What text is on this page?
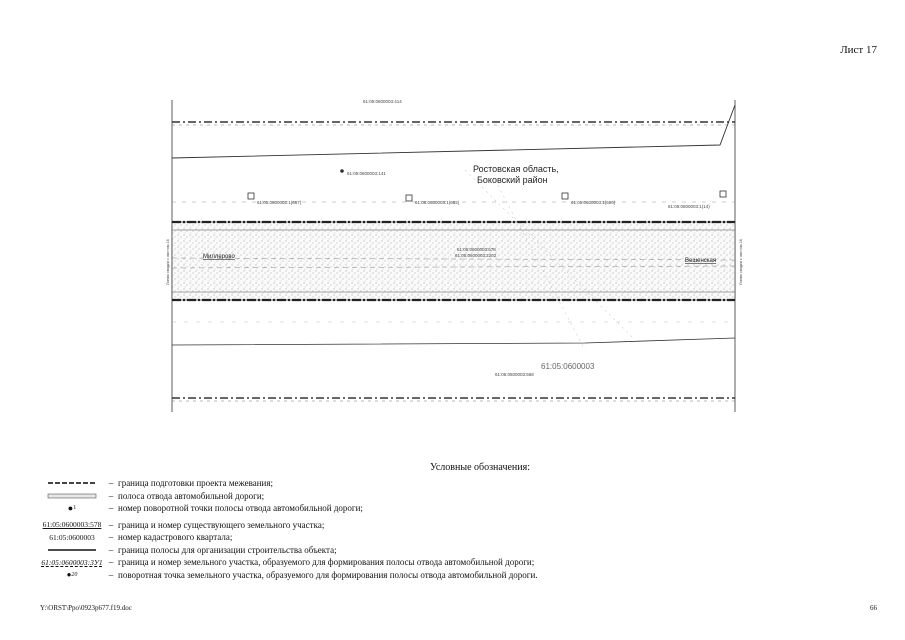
Лист 17
61:05:0600003:414
61:05:0600003:141	Ростовская область,
Боковский район
61:05:0600003:1(697)	61:05:0600003:1(682)	61:05:0600003:1(690)
61:05:0600003:1(14)
61:05:0600003:578
61:05:0600003:2202
Миллерово
Вешенская
61:05:0600003
61:05:0600003:568
Линия сводки с листом 16	Линия сводки с листом 18
Условные обозначения:
– граница подготовки проекта межевания;
– полоса отвода автомобильной дороги;
● 1	– номер поворотной точки полосы отвода автомобильной дороги;
61:05:0600003:578 – граница и номер существующего земельного участка;
61:05:0600003	– номер кадастрового квартала;
– граница полосы для организации строительства объекта;
61:05:0600003:3У1 – граница и номер земельного участка, образуемого для формирования полосы отвода автомобильной дороги;
● 20	– поворотная точка земельного участка, образуемого для формирования полосы отвода автомобильной дороги.
Y:\ORST\Ppo\0923p677.f19.doc	66
